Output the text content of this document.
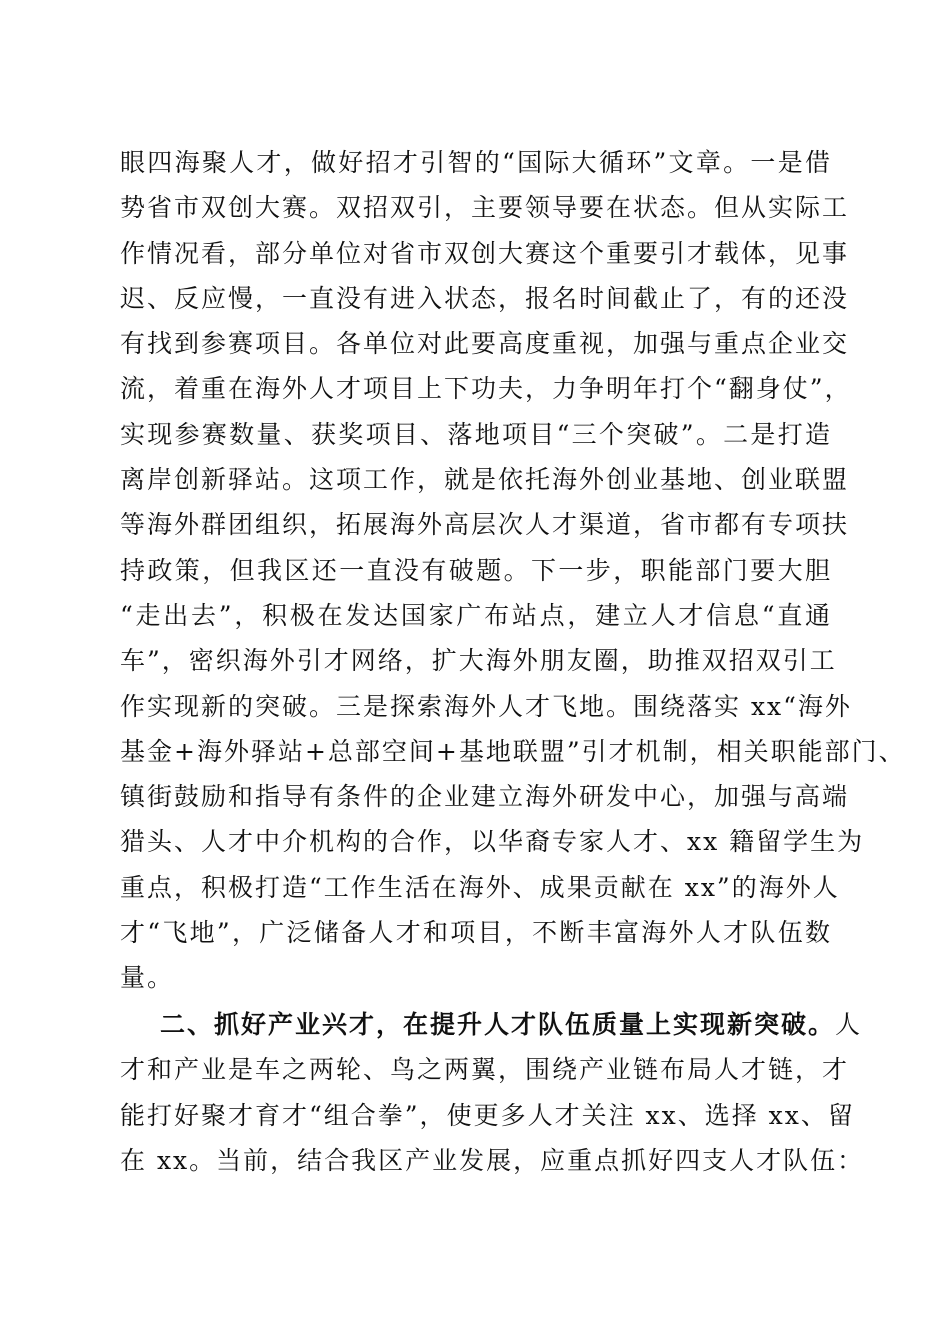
眼四海聚人才，做好招才引智的“国际大循环”文章。一是借
势省市双创大赛。双招双引，主要领导要在状态。但从实际工
作情况看，部分单位对省市双创大赛这个重要引才载体，见事
迟、反应慢，一直没有进入状态，报名时间截止了，有的还没
有找到参赛项目。各单位对此要高度重视，加强与重点企业交
流，着重在海外人才项目上下功夫，力争明年打个“翻身仗”，
实现参赛数量、获奖项目、落地项目“三个突破”。二是打造
离岸创新驿站。这项工作，就是依托海外创业基地、创业联盟
等海外群团组织，拓展海外高层次人才渠道，省市都有专项扶
持政策，但我区还一直没有破题。下一步，职能部门要大胆
“走出去”，积极在发达国家广布站点，建立人才信息“直通
车”，密织海外引才网络，扩大海外朋友圈，助推双招双引工
作实现新的突破。三是探索海外人才飞地。围绕落实 xx“海外
基金+海外驿站+总部空间+基地联盟”引才机制，相关职能部门、
镇街鼓励和指导有条件的企业建立海外研发中心，加强与高端
猎头、人才中介机构的合作，以华裔专家人才、xx 籍留学生为
重点，积极打造“工作生活在海外、成果贡献在 xx”的海外人
才“飞地”，广泛储备人才和项目，不断丰富海外人才队伍数
量。
二、抓好产业兴才，在提升人才队伍质量上实现新突破。人
才和产业是车之两轮、鸟之两翼，围绕产业链布局人才链，才
能打好聚才育才“组合拳”，使更多人才关注 xx、选择 xx、留
在 xx。当前，结合我区产业发展，应重点抓好四支人才队伍：
